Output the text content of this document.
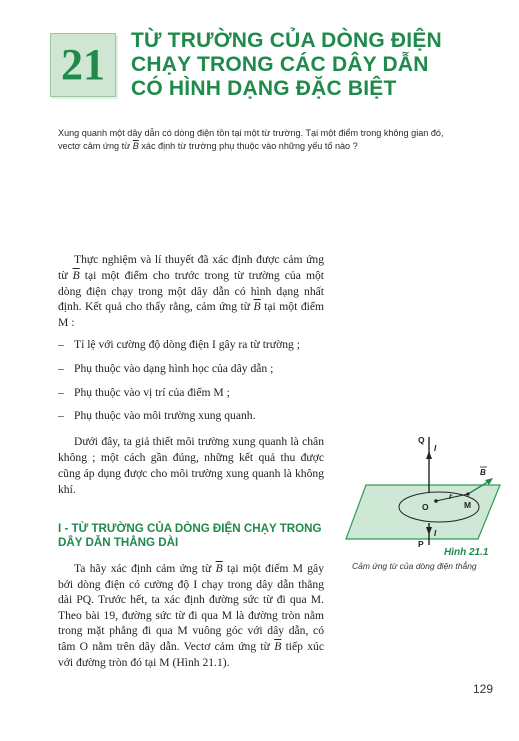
21 TỪ TRƯỜNG CỦA DÒNG ĐIỆN
CHẠY TRONG CÁC DÂY DẪN
CÓ HÌNH DẠNG ĐẶC BIỆT
Xung quanh một dây dẫn có dòng điện tồn tại một từ trường. Tại một điểm trong không gian đó,
vectơ cảm ứng từ $\overline{B}$ xác định từ trường phụ thuộc vào những yếu tố nào ?

Thực nghiệm và lí thuyết đã xác định được cảm ứng từ $\overline{B}$ tại một điểm cho trước trong từ trường của một dòng điện chạy trong một dây dẫn có hình dạng nhất định. Kết quả cho thấy rằng, cảm ứng từ $\overline{B}$ tại một điểm M :

– Tỉ lệ với cường độ dòng điện I gây ra từ trường ;
– Phụ thuộc vào dạng hình học của dây dẫn ;
– Phụ thuộc vào vị trí của điểm M ;
– Phụ thuộc vào môi trường xung quanh.

Dưới đây, ta giả thiết môi trường xung quanh là chân không ; một cách gần đúng, những kết quả thu được cũng áp dụng được cho môi trường xung quanh là không khí.

I - TỪ TRƯỜNG CỦA DÒNG ĐIỆN CHẠY TRONG DÂY DẪN THẲNG DÀI
Ta hãy xác định cảm ứng từ $\overline{B}$ tại một điểm M gây bởi dòng điện có cường độ I chạy trong dây dẫn thẳng dài PQ. Trước hết, ta xác định đường sức từ đi qua M. Theo bài 19, đường sức từ đi qua M là đường tròn nằm trong mặt phẳng đi qua M vuông góc với dây dẫn, có tâm O nằm trên dây dẫn. Vectơ cảm ứng từ $\overline{B}$ tiếp xúc với đường tròn đó tại M (Hình 21.1).
Q
I
B
O
r
M
I
P
Hình 21.1
Cảm ứng từ của dòng điện thẳng
129
